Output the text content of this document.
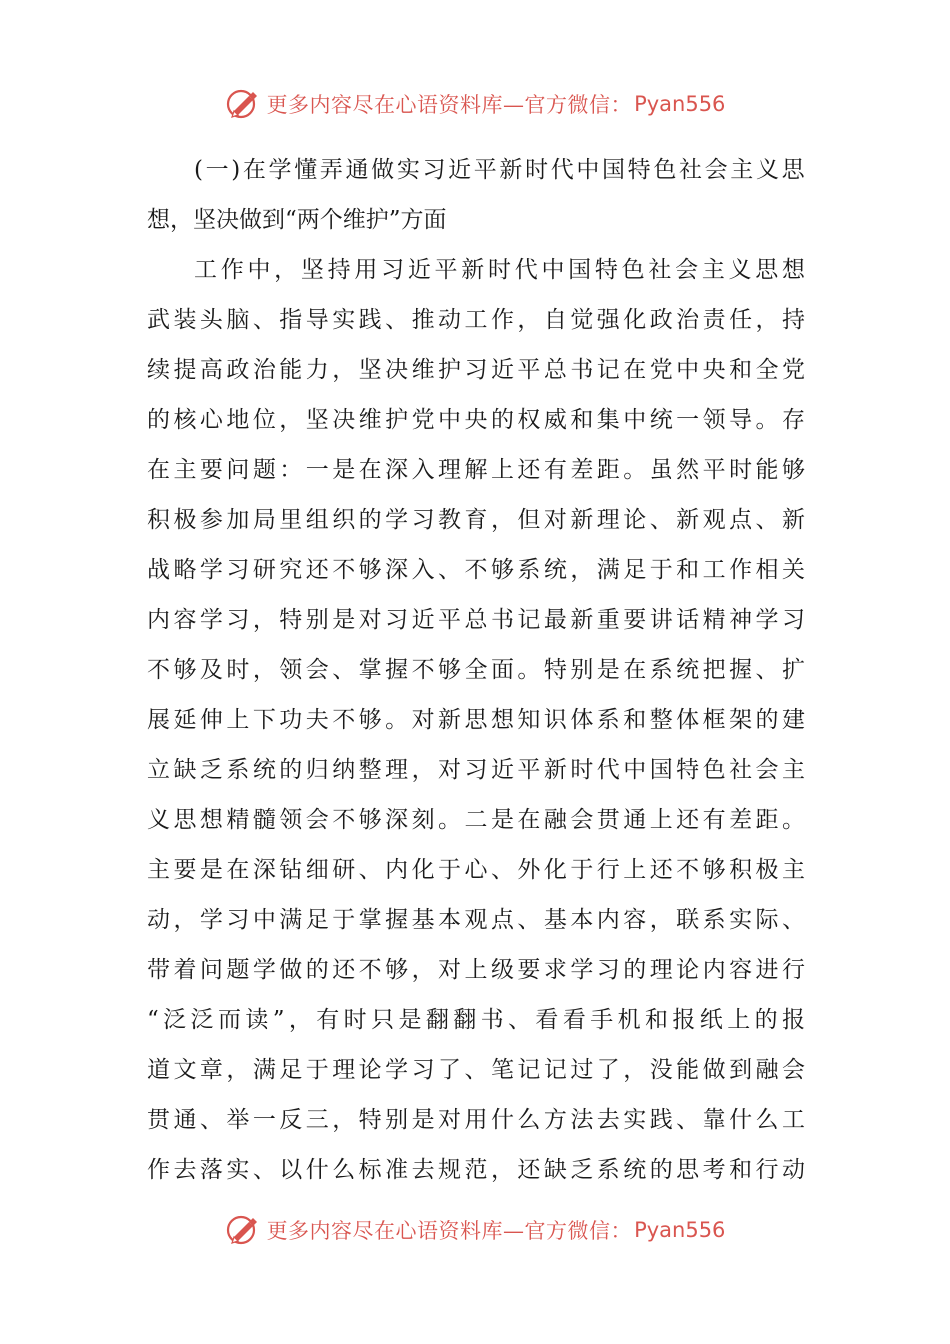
更多内容尽在心语资料库—官方微信： Pyan556
(一)在学懂弄通做实习近平新时代中国特色社会主义思
想，坚决做到“两个维护”方面
工作中，坚持用习近平新时代中国特色社会主义思想
武装头脑、指导实践、推动工作，自觉强化政治责任，持
续提高政治能力，坚决维护习近平总书记在党中央和全党
的核心地位，坚决维护党中央的权威和集中统一领导。存
在主要问题：一是在深入理解上还有差距。虽然平时能够
积极参加局里组织的学习教育，但对新理论、新观点、新
战略学习研究还不够深入、不够系统，满足于和工作相关
内容学习，特别是对习近平总书记最新重要讲话精神学习
不够及时，领会、掌握不够全面。特别是在系统把握、扩
展延伸上下功夫不够。对新思想知识体系和整体框架的建
立缺乏系统的归纳整理，对习近平新时代中国特色社会主
义思想精髓领会不够深刻。二是在融会贯通上还有差距。
主要是在深钻细研、内化于心、外化于行上还不够积极主
动，学习中满足于掌握基本观点、基本内容，联系实际、
带着问题学做的还不够，对上级要求学习的理论内容进行
“泛泛而读”，有时只是翻翻书、看看手机和报纸上的报
道文章，满足于理论学习了、笔记记过了，没能做到融会
贯通、举一反三，特别是对用什么方法去实践、靠什么工
作去落实、以什么标准去规范，还缺乏系统的思考和行动
更多内容尽在心语资料库—官方微信： Pyan556
